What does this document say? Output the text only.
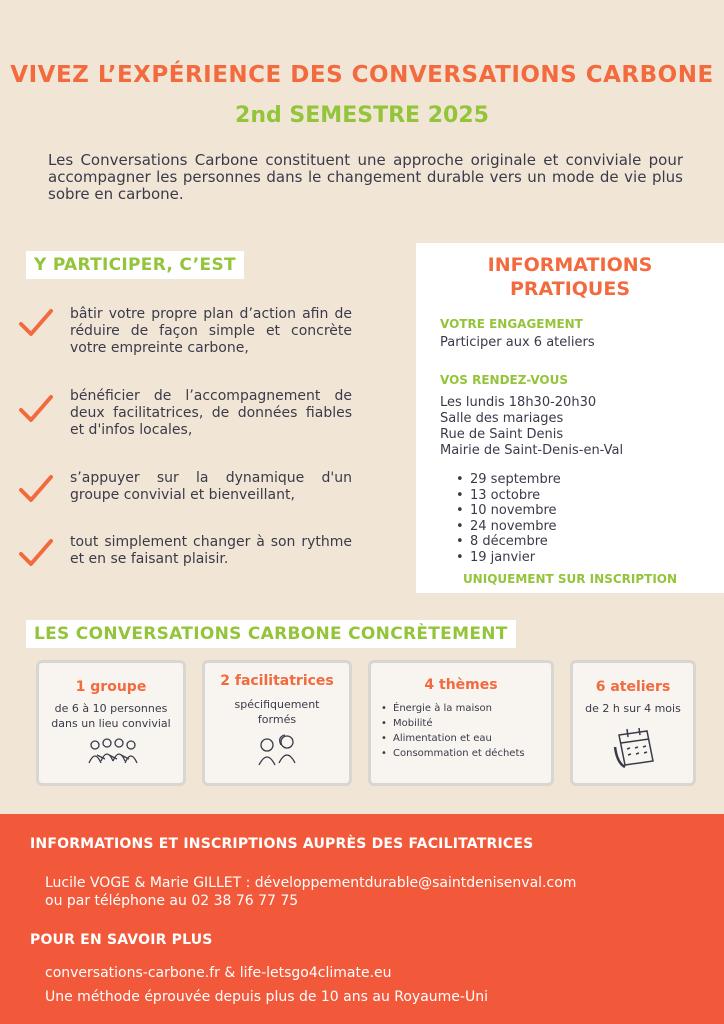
VIVEZ L’EXPÉRIENCE DES CONVERSATIONS CARBONE
2nd SEMESTRE 2025
Les Conversations Carbone constituent une approche originale et conviviale pour accompagner les personnes dans le changement durable vers un mode de vie plus sobre en carbone.
Y PARTICIPER, C’EST
bâtir votre propre plan d’action afin de réduire de façon simple et concrète votre empreinte carbone,
bénéficier de l’accompagnement de deux facilitatrices, de données fiables et d'infos locales,
s’appuyer sur la dynamique d'un groupe convivial et bienveillant,
tout simplement changer à son rythme et en se faisant plaisir.
INFORMATIONS
PRATIQUES
VOTRE ENGAGEMENT
Participer aux 6 ateliers
VOS RENDEZ-VOUS
Les lundis 18h30-20h30
Salle des mariages
Rue de Saint Denis
Mairie de Saint-Denis-en-Val
• 29 septembre
• 13 octobre
• 10 novembre
• 24 novembre
• 8 décembre
• 19 janvier
UNIQUEMENT SUR INSCRIPTION
LES CONVERSATIONS CARBONE CONCRÈTEMENT
1 groupe
de 6 à 10 personnes
dans un lieu convivial
2 facilitatrices
spécifiquement
formés
4 thèmes
• Énergie à la maison
• Mobilité
• Alimentation et eau
• Consommation et déchets
6 ateliers
de 2 h sur 4 mois
INFORMATIONS ET INSCRIPTIONS AUPRÈS DES FACILITATRICES
Lucile VOGE & Marie GILLET : développementdurable@saintdenisenval.com
ou par téléphone au 02 38 76 77 75
POUR EN SAVOIR PLUS
conversations-carbone.fr & life-letsgo4climate.eu
Une méthode éprouvée depuis plus de 10 ans au Royaume-Uni
